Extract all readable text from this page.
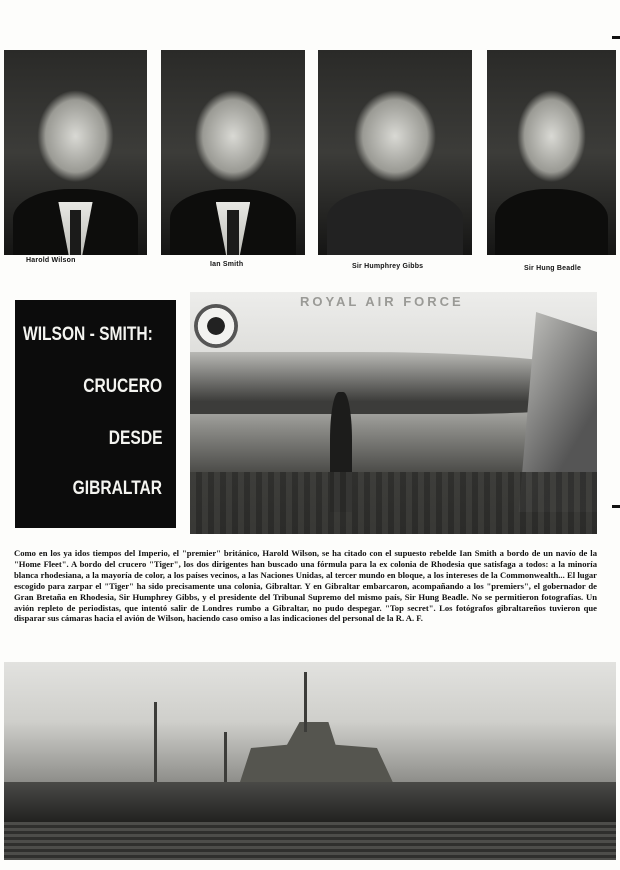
Harold Wilson
Ian Smith	Sir Humphrey Gibbs	Sir Hung Beadle
WILSON - SMITH:
CRUCERO
DESDE
GIBRALTAR
ROYAL AIR FORCE
Como en los ya idos tiempos del Imperio, el "premier" británico, Harold Wilson, se ha citado con el supuesto rebelde Ian Smith a bordo de un navío de la "Home Fleet". A bordo del crucero "Tiger", los dos dirigentes han buscado una fórmula para la ex colonia de Rhodesia que satisfaga a todos: a la minoría blanca rhodesiana, a la mayoría de color, a los países vecinos, a las Naciones Unidas, al tercer mundo en bloque, a los intereses de la Commonwealth... El lugar escogido para zarpar el "Tiger" ha sido precisamente una colonia, Gibraltar. Y en Gibraltar embarcaron, acompañando a los "premiers", el gobernador de Gran Bretaña en Rhodesia, Sir Humphrey Gibbs, y el presidente del Tribunal Supremo del mismo país, Sir Hung Beadle. No se permitieron fotografías. Un avión repleto de periodistas, que intentó salir de Londres rumbo a Gibraltar, no pudo despegar. "Top secret". Los fotógrafos gibraltareños tuvieron que disparar sus cámaras hacia el avión de Wilson, haciendo caso omiso a las indicaciones del personal de la R. A. F.
